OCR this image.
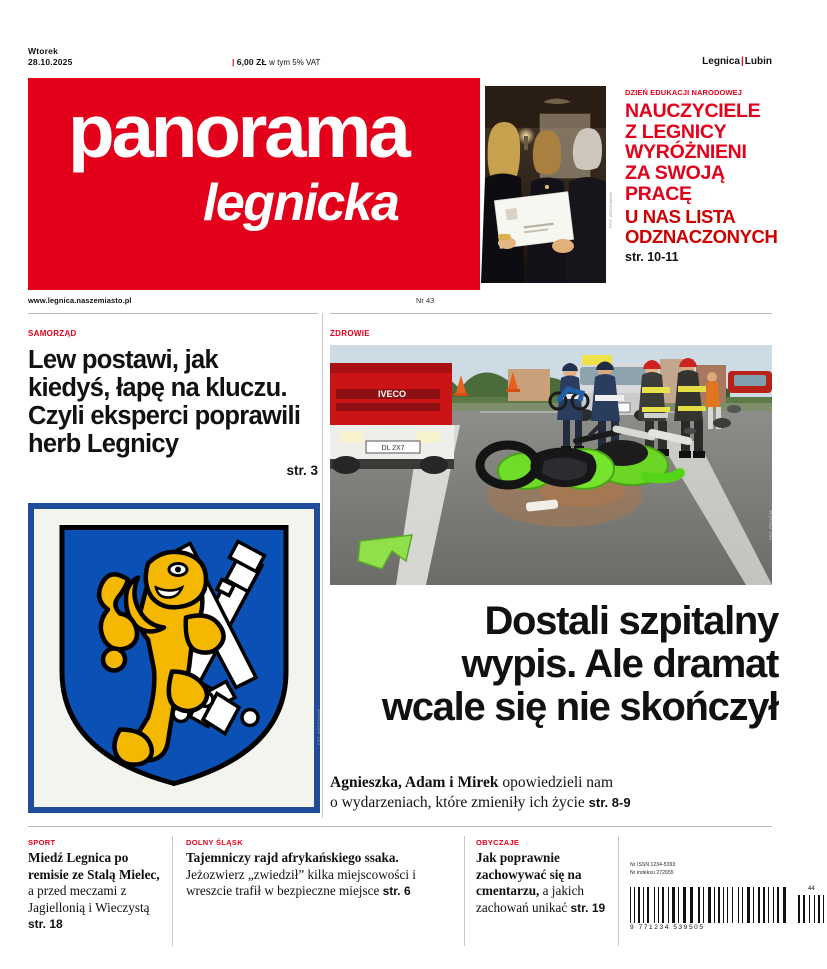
Wtorek
28.10.2025	| 6,00 ZŁ w tym 5% VAT	Legnica|Lubin
panorama
legnicka	FOT. ARCHIWUM
DZIEŃ EDUKACJI NARODOWEJ
NAUCZYCIELE
Z LEGNICY
WYRÓŻNIENI
ZA SWOJĄ PRACĘ
U NAS LISTA
ODZNACZONYCH
str. 10-11
www.legnica.naszemiasto.pl	Nr 43
SAMORZĄD
Lew postawi, jak
kiedyś, łapę na kluczu.
Czyli eksperci poprawili
herb Legnicy
str. 3
FOT. ARCHIWUM
ZDROWIE
DL 2X7
IVECO
FOT. POLICJA
Dostali szpitalny
wypis. Ale dramat
wcale się nie skończył
Agnieszka, Adam i Mirek opowiedzieli nam
o wydarzeniach, które zmieniły ich życie str. 8-9
SPORT
Miedź Legnica po remisie ze Stalą Mielec, a przed meczami z Jagiellonią i Wieczystą str. 18
DOLNY ŚLĄSK
Tajemniczy rajd afrykańskiego ssaka. Jeżozwierz „zwiedził” kilka miejscowości i wreszcie trafił w bezpieczne miejsce str. 6
OBYCZAJE
Jak poprawnie zachowywać się na cmentarzu, a jakich zachowań unikać str. 19
Nr ISSN 1234-5393
Nr indeksu 272655
44
9 771234 539505
